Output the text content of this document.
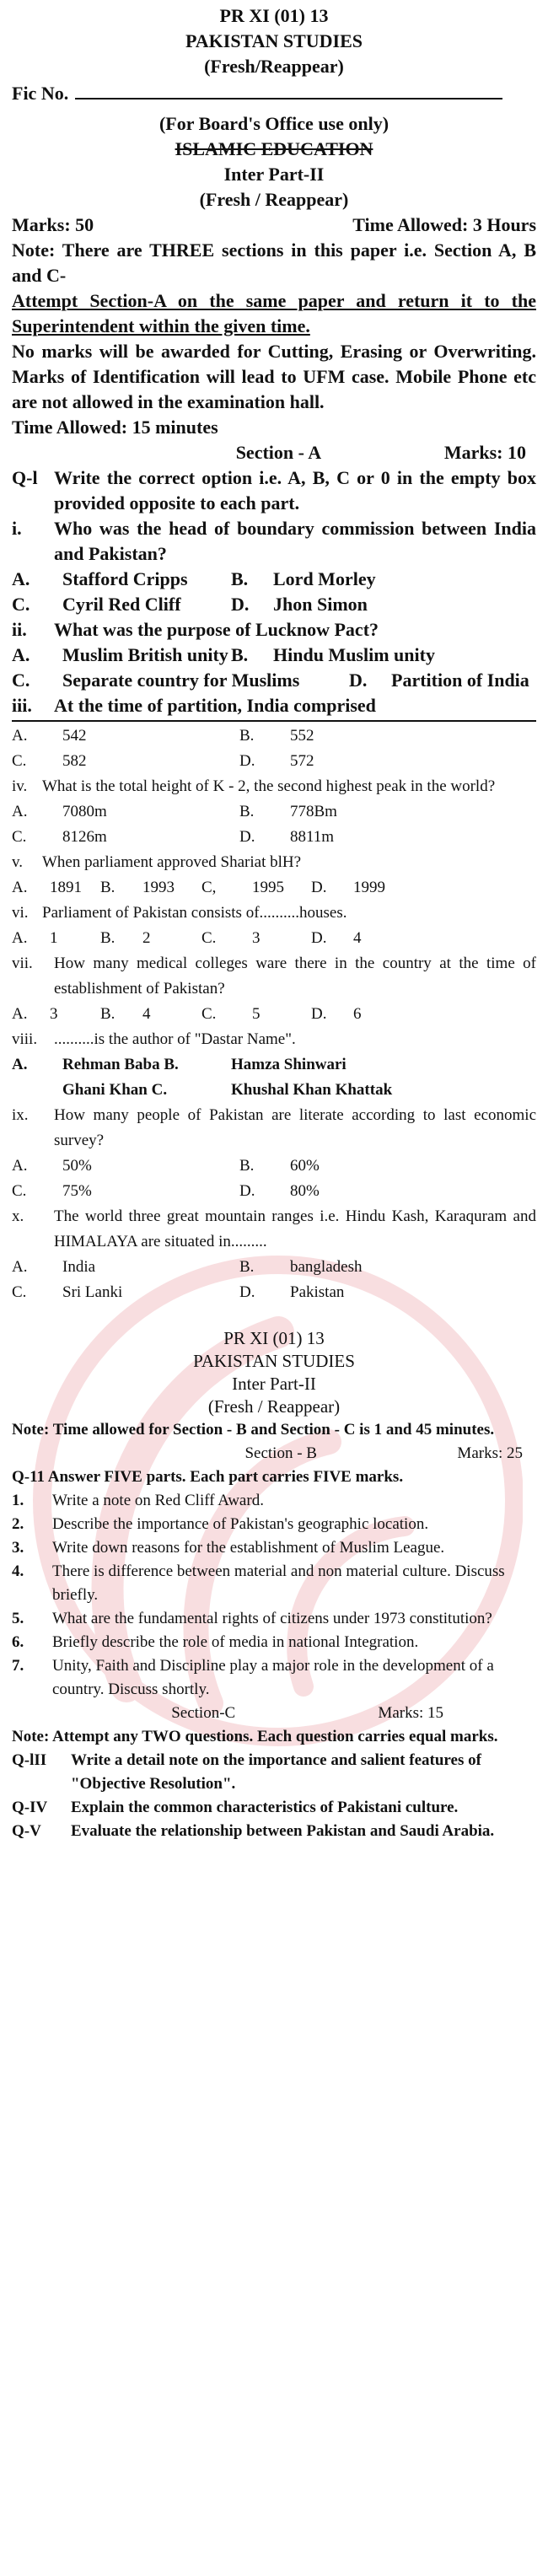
PR XI (01) 13
PAKISTAN STUDIES
(Fresh/Reappear)
Fic No.
(For Board's Office use only)
ISLAMIC EDUCATION
Inter Part-II
(Fresh / Reappear)
Marks: 50	Time Allowed: 3 Hours
Note: There are THREE sections in this paper i.e. Section A, B and C-
Attempt Section-A on the same paper and return it to the Superintendent within the given time.
No marks will be awarded for Cutting, Erasing or Overwriting. Marks of Identification will lead to UFM case. Mobile Phone etc are not allowed in the examination hall.
Time Allowed: 15 minutes
Section - A	Marks: 10
Q-l Write the correct option i.e. A, B, C or 0 in the empty box provided opposite to each part.
i.	Who was the head of boundary commission between India and Pakistan?
A.	Stafford Cripps	B.	Lord Morley
C.	Cyril Red Cliff	D.	Jhon Simon
ii.	What was the purpose of Lucknow Pact?
A.	Muslim British unity B.	Hindu Muslim unity
C.	Separate country for Muslims	D.	Partition of India
iii.	At the time of partition, India comprised
A.	542	B.	552
C.	582	D.	572
iv. What is the total height of K - 2, the second highest peak in the world?
A.	7080m	B.	778Bm
C.	8126m	D.	8811m
v.	When parliament approved Shariat blH?
A.	1891	B.	1993	C,	1995	D.	1999
vi. Parliament of Pakistan consists of..........houses.
A.	1	B.	2	C.	3	D.	4
vii.	How many medical colleges ware there in the country at the time of establishment of Pakistan?
A.	3	B.	4	C.	5	D.	6
viii.	..........is the author of "Dastar Name".
A.	Rehman Baba B.	Hamza Shinwari
Ghani Khan C.	Khushal Khan Khattak
ix.	How many people of Pakistan are literate according to last economic survey?
A.	50%	B.	60%
C.	75%	D.	80%
x.	The world three great mountain ranges i.e. Hindu Kash, Karaquram and HIMALAYA are situated in.........
A.	India	B.	bangladesh
C.	Sri Lanki	D.	Pakistan
PR XI (01) 13
PAKISTAN STUDIES
Inter Part-II
(Fresh / Reappear)
Note: Time allowed for Section - B and Section - C is 1 and 45 minutes.
Section - B	Marks: 25
Q-11 Answer FIVE parts. Each part carries FIVE marks.
1.	Write a note on Red Cliff Award.
2.	Describe the importance of Pakistan's geographic location.
3.	Write down reasons for the establishment of Muslim League.
4.	There is difference between material and non material culture. Discuss briefly.
5.	What are the fundamental rights of citizens under 1973 constitution?
6.	Briefly describe the role of media in national Integration.
7.	Unity, Faith and Discipline play a major role in the development of a country. Discuss shortly.
Section-C	Marks: 15
Note: Attempt any TWO questions. Each question carries equal marks.
Q-lII	Write a detail note on the importance and salient features of "Objective Resolution".
Q-IV	Explain the common characteristics of Pakistani culture.
Q-V	Evaluate the relationship between Pakistan and Saudi Arabia.
